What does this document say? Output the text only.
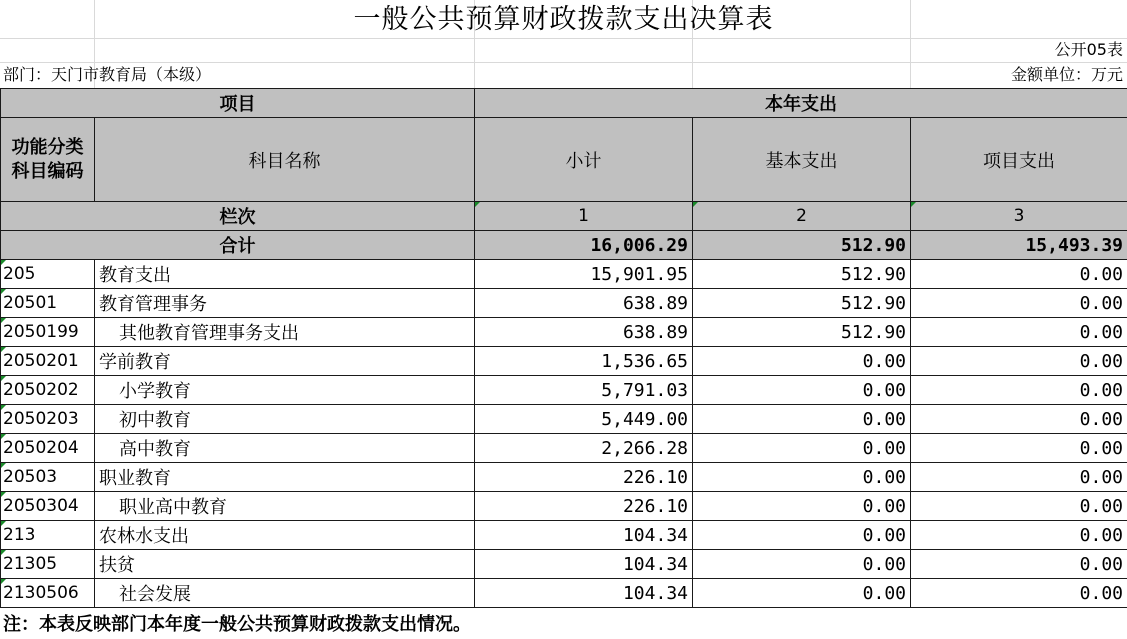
一般公共预算财政拨款支出决算表
公开05表
部门：天门市教育局（本级）	金额单位：万元
项目		本年支出		
功能分类科目编码	科目名称	小计	基本支出	项目支出
栏次		1	2	3
合计		16,006.29	512.90	15,493.39

205	教育支出	15,901.95	512.90	0.00

20501	教育管理事务	638.89	512.90	0.00

2050199	其他教育管理事务支出	638.89	512.90	0.00

2050201	学前教育	1,536.65	0.00	0.00

2050202	小学教育	5,791.03	0.00	0.00

2050203	初中教育	5,449.00	0.00	0.00

2050204	高中教育	2,266.28	0.00	0.00

20503	职业教育	226.10	0.00	0.00

2050304	职业高中教育	226.10	0.00	0.00

213	农林水支出	104.34	0.00	0.00

21305	扶贫	104.34	0.00	0.00

2130506	社会发展	104.34	0.00	0.00
注：本表反映部门本年度一般公共预算财政拨款支出情况。
